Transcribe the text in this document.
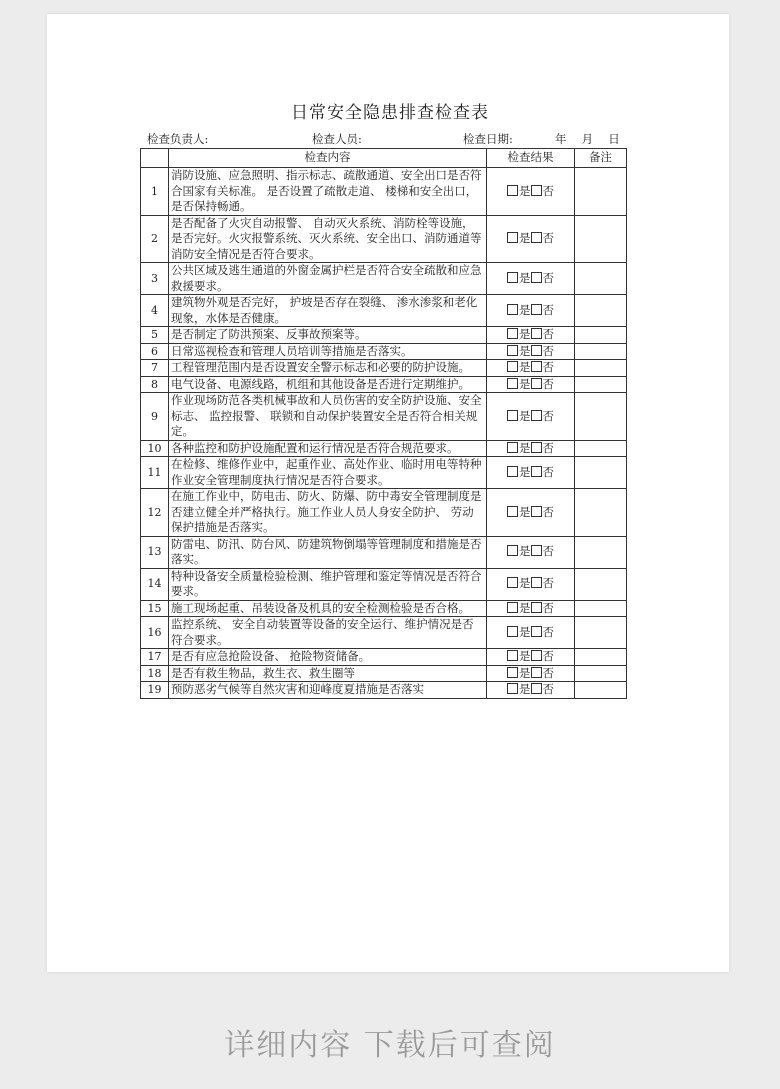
日常安全隐患排查检查表
检查负责人:	检查人员:	检查日期:	年　 月　 日
	检查内容	检查结果	备注
1	消防设施、应急照明、指示标志、疏散通道、安全出口是否符合国家有关标准。 是否设置了疏散走道、 楼梯和安全出口，是否保持畅通。	是 否	
2	是否配备了火灾自动报警、 自动灭火系统、消防栓等设施，是否完好。火灾报警系统、灭火系统、安全出口、消防通道等消防安全情况是否符合要求。	是 否	
3	公共区域及逃生通道的外窗金属护栏是否符合安全疏散和应急救援要求。	是 否	
4	建筑物外观是否完好， 护坡是否存在裂缝、 渗水渗浆和老化现象，水体是否健康。	是 否	
5	是否制定了防洪预案、反事故预案等。	是 否	
6	日常巡视检查和管理人员培训等措施是否落实。	是 否	
7	工程管理范围内是否设置安全警示标志和必要的防护设施。	是 否	
8	电气设备、电源线路，机组和其他设备是否进行定期维护。	是 否	
9	作业现场防范各类机械事故和人员伤害的安全防护设施、安全标志、 监控报警、 联锁和自动保护装置安全是否符合相关规定。	是 否	
10	各种监控和防护设施配置和运行情况是否符合规范要求。	是 否	
11	在检修、维修作业中，起重作业、高处作业、临时用电等特种作业安全管理制度执行情况是否符合要求。	是 否	
12	在施工作业中，防电击、防火、防爆、防中毒安全管理制度是否建立健全并严格执行。施工作业人员人身安全防护、 劳动保护措施是否落实。	是 否	
13	防雷电、防汛、防台风、防建筑物倒塌等管理制度和措施是否落实。	是 否	
14	特种设备安全质量检验检测、维护管理和鉴定等情况是否符合要求。	是 否	
15	施工现场起重、吊装设备及机具的安全检测检验是否合格。	是 否	
16	监控系统、 安全自动装置等设备的安全运行、维护情况是否符合要求。	是 否	
17	是否有应急抢险设备、 抢险物资储备。	是 否	
18	是否有救生物品，救生衣、救生圈等	是 否	
19	预防恶劣气候等自然灾害和迎峰度夏措施是否落实	是 否	
详细内容 下载后可查阅
